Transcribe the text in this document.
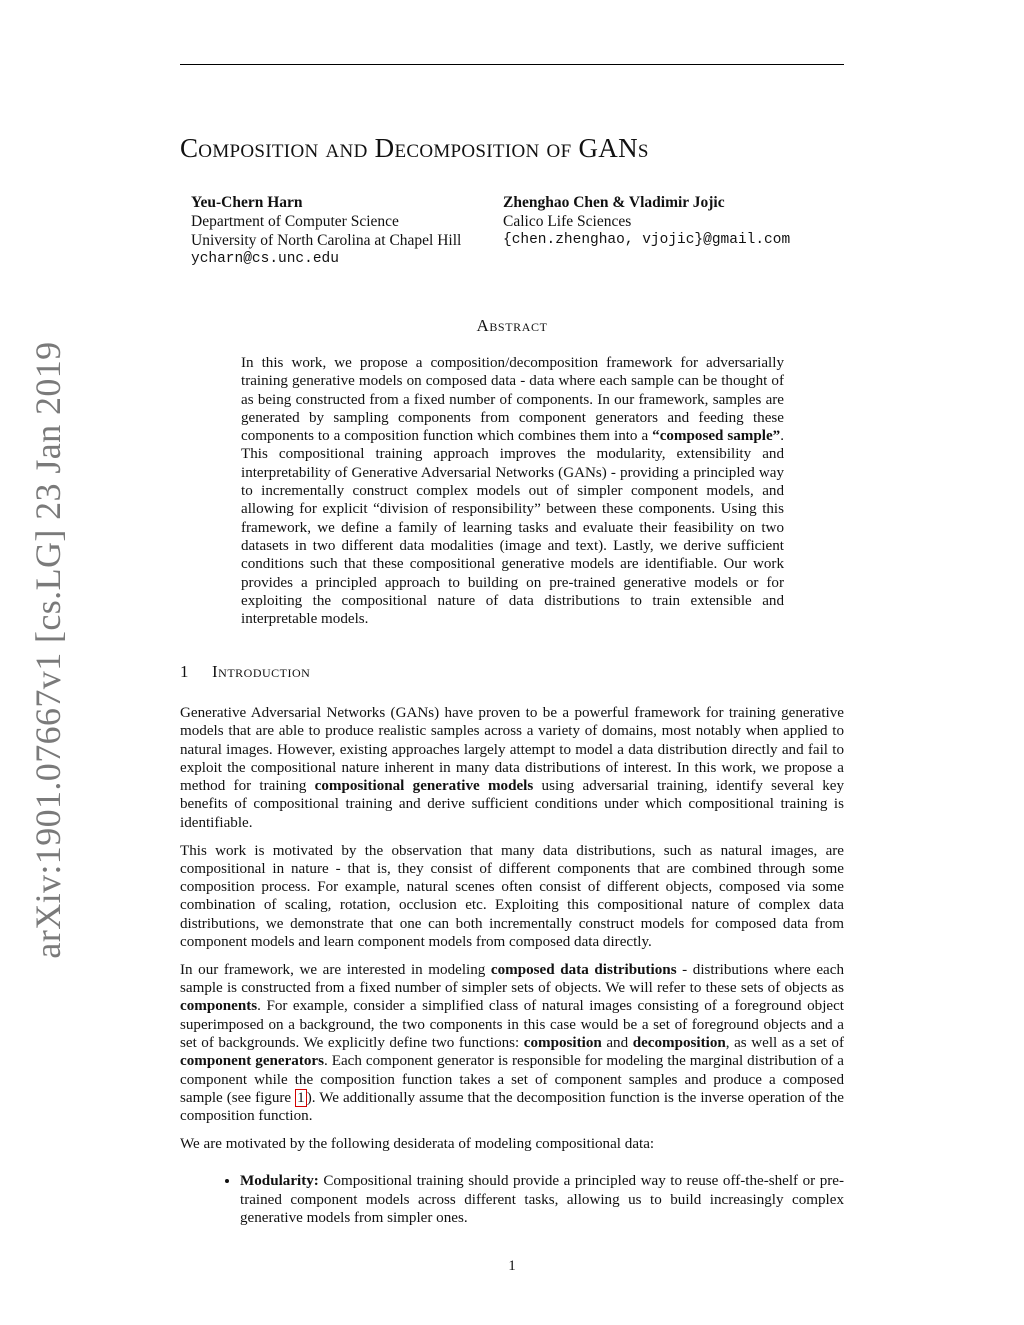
arXiv:1901.07667v1 [cs.LG] 23 Jan 2019
Composition and Decomposition of GANs
Yeu-Chern Harn
Department of Computer Science
University of North Carolina at Chapel Hill
ycharn@cs.unc.edu
Zhenghao Chen & Vladimir Jojic
Calico Life Sciences
{chen.zhenghao, vjojic}@gmail.com
Abstract

In this work, we propose a composition/decomposition framework for adversarially training generative models on composed data - data where each sample can be thought of as being constructed from a fixed number of components. In our framework, samples are generated by sampling components from component generators and feeding these components to a composition function which combines them into a “composed sample”. This compositional training approach improves the modularity, extensibility and interpretability of Generative Adversarial Networks (GANs) - providing a principled way to incrementally construct complex models out of simpler component models, and allowing for explicit “division of responsibility” between these components. Using this framework, we define a family of learning tasks and evaluate their feasibility on two datasets in two different data modalities (image and text). Lastly, we derive sufficient conditions such that these compositional generative models are identifiable. Our work provides a principled approach to building on pre-trained generative models or for exploiting the compositional nature of data distributions to train extensible and interpretable models.

1 Introduction

Generative Adversarial Networks (GANs) have proven to be a powerful framework for training generative models that are able to produce realistic samples across a variety of domains, most notably when applied to natural images. However, existing approaches largely attempt to model a data distribution directly and fail to exploit the compositional nature inherent in many data distributions of interest. In this work, we propose a method for training compositional generative models using adversarial training, identify several key benefits of compositional training and derive sufficient conditions under which compositional training is identifiable.

This work is motivated by the observation that many data distributions, such as natural images, are compositional in nature - that is, they consist of different components that are combined through some composition process. For example, natural scenes often consist of different objects, composed via some combination of scaling, rotation, occlusion etc. Exploiting this compositional nature of complex data distributions, we demonstrate that one can both incrementally construct models for composed data from component models and learn component models from composed data directly.

In our framework, we are interested in modeling composed data distributions - distributions where each sample is constructed from a fixed number of simpler sets of objects. We will refer to these sets of objects as components. For example, consider a simplified class of natural images consisting of a foreground object superimposed on a background, the two components in this case would be a set of foreground objects and a set of backgrounds. We explicitly define two functions: composition and decomposition, as well as a set of component generators. Each component generator is responsible for modeling the marginal distribution of a component while the composition function takes a set of component samples and produce a composed sample (see figure 1 ). We additionally assume that the decomposition function is the inverse operation of the composition function.

We are motivated by the following desiderata of modeling compositional data:

• Modularity: Compositional training should provide a principled way to reuse off-the-shelf or pre-trained component models across different tasks, allowing us to build increasingly complex generative models from simpler ones.
1
